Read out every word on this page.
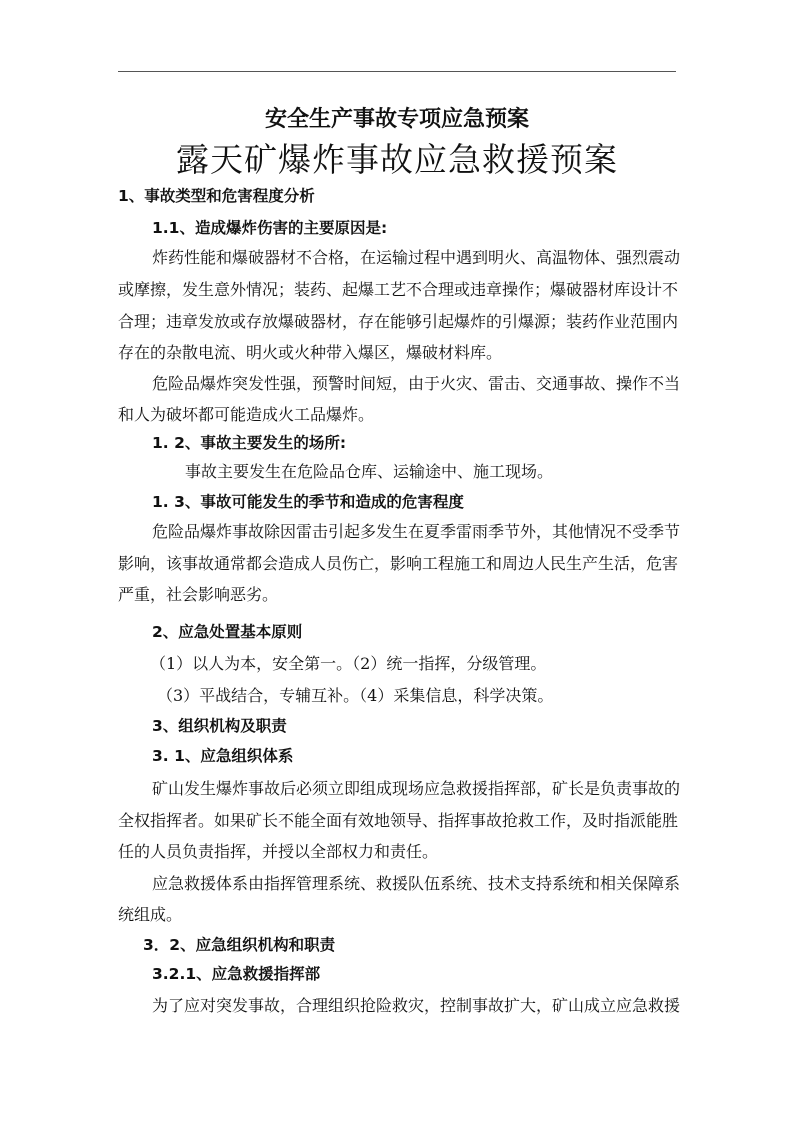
安全生产事故专项应急预案
露天矿爆炸事故应急救援预案
1、事故类型和危害程度分析
1.1、造成爆炸伤害的主要原因是:
炸药性能和爆破器材不合格，在运输过程中遇到明火、高温物体、强烈震动
或摩擦，发生意外情况；装药、起爆工艺不合理或违章操作；爆破器材库设计不
合理；违章发放或存放爆破器材，存在能够引起爆炸的引爆源；装药作业范围内
存在的杂散电流、明火或火种带入爆区，爆破材料库。
危险品爆炸突发性强，预警时间短，由于火灾、雷击、交通事故、操作不当
和人为破坏都可能造成火工品爆炸。
1. 2、事故主要发生的场所:
事故主要发生在危险品仓库、运输途中、施工现场。
1. 3、事故可能发生的季节和造成的危害程度
危险品爆炸事故除因雷击引起多发生在夏季雷雨季节外，其他情况不受季节
影响，该事故通常都会造成人员伤亡，影响工程施工和周边人民生产生活，危害
严重，社会影响恶劣。
2、应急处置基本原则
（1）以人为本，安全第一。（2）统一指挥，分级管理。
（3）平战结合，专辅互补。（4）采集信息，科学决策。
3、组织机构及职责
3. 1、应急组织体系
矿山发生爆炸事故后必须立即组成现场应急救援指挥部，矿长是负责事故的
全权指挥者。如果矿长不能全面有效地领导、指挥事故抢救工作，及时指派能胜
任的人员负责指挥，并授以全部权力和责任。
应急救援体系由指挥管理系统、救援队伍系统、技术支持系统和相关保障系
统组成。
3．2、应急组织机构和职责
3.2.1、应急救援指挥部
为了应对突发事故，合理组织抢险救灾，控制事故扩大，矿山成立应急救援
